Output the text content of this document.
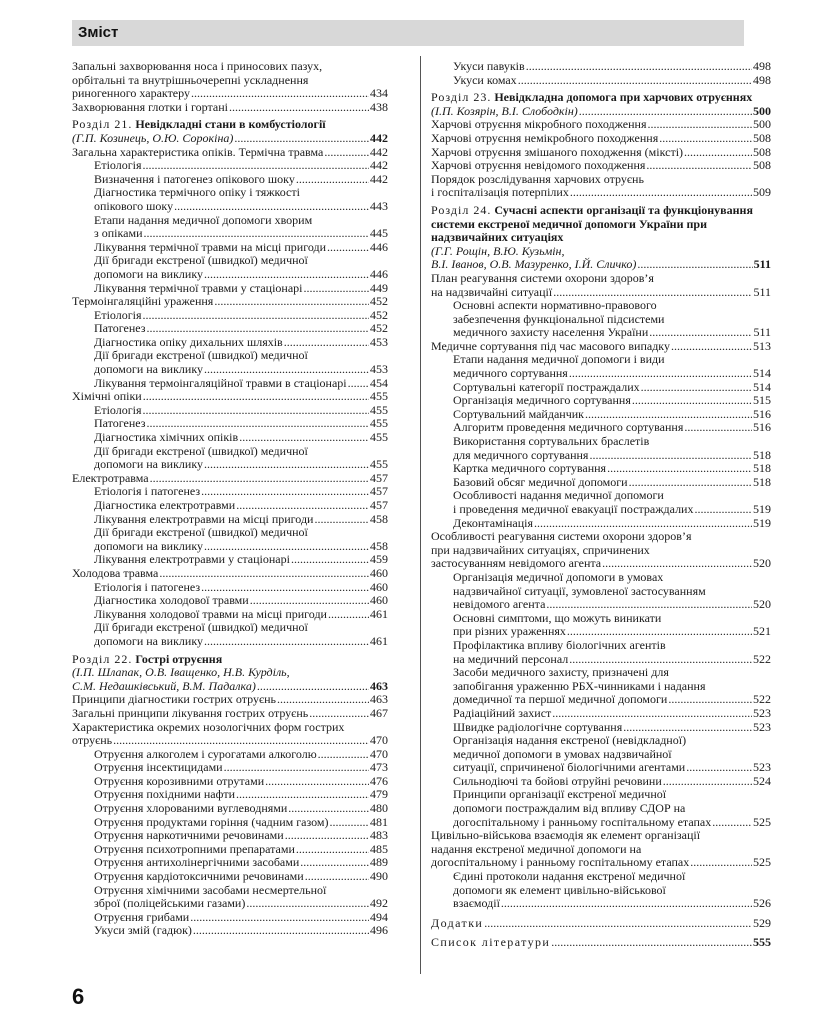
Зміст
Запальні захворювання носа і приносових пазух,
орбітальні та внутрішньочерепні ускладнення
риногенного характеру .....	434
Захворювання глотки і гортані .....	438
Розділ 21. Невідкладні стани в комбустіології
(Г.П. Козинець, О.Ю. Сорокіна) .....	442
Загальна характеристика опіків. Термічна травма .....	442
Етіологія .....	442
Визначення і патогенез опікового шоку .....	442
Діагностика термічного опіку і тяжкості
опікового шоку .....	443
Етапи надання медичної допомоги хворим
з опіками .....	445
Лікування термічної травми на місці пригоди .....	446
Дії бригади екстреної (швидкої) медичної
допомоги на виклику .....	446
Лікування термічної травми у стаціонарі .....	449
Термоінгаляційні ураження .....	452
Етіологія .....	452
Патогенез .....	452
Діагностика опіку дихальних шляхів .....	453
Дії бригади екстреної (швидкої) медичної
допомоги на виклику .....	453
Лікування термоінгаляційної травми в стаціонарі ..... 454
Хімічні опіки .....	455
Етіологія .....	455
Патогенез .....	455
Діагностика хімічних опіків .....	455
Дії бригади екстреної (швидкої) медичної
допомоги на виклику .....	455
Електротравма .....	457
Етіологія і патогенез .....	457
Діагностика електротравми .....	457
Лікування електротравми на місці пригоди .....	458
Дії бригади екстреної (швидкої) медичної
допомоги на виклику .....	458
Лікування електротравми у стаціонарі .....	459
Холодова травма .....	460
Етіологія і патогенез .....	460
Діагностика холодової травми .....	460
Лікування холодової травми на місці пригоди .....	461
Дії бригади екстреної (швидкої) медичної
допомоги на виклику .....	461
Розділ 22. Гострі отруєння
(І.П. Шлапак, О.В. Іващенко, Н.В. Курділь,
С.М. Недашківський, В.М. Падалка) .....	463
Принципи діагностики гострих отруєнь .....	463
Загальні принципи лікування гострих отруєнь .....	467
Характеристика окремих нозологічних форм гострих
отруєнь .....	470
Отруєння алкоголем і сурогатами алкоголю .....	470
Отруєння інсектицидами .....	473
Отруєння корозивними отрутами .....	476
Отруєння похідними нафти .....	479
Отруєння хлорованими вуглеводнями .....	480
Отруєння продуктами горіння (чадним газом) .....	481
Отруєння наркотичними речовинами .....	483
Отруєння психотропними препаратами .....	485
Отруєння антихолінергічними засобами .....	489
Отруєння кардіотоксичними речовинами .....	490
Отруєння хімічними засобами несмертельної
зброї (поліцейськими газами) .....	492
Отруєння грибами .....	494
Укуси змій (гадюк) .....	496
Укуси павуків .....	498
Укуси комах .....	498
Розділ 23. Невідкладна допомога при харчових отруєннях
(І.П. Козярін, В.І. Слободкін) .....	500
Харчові отруєння мікробного походження .....	500
Харчові отруєння немікробного походження .....	508
Харчові отруєння змішаного походження (мікстi) .....	508
Харчові отруєння невідомого походження .....	508
Порядок розслідування харчових отруєнь
і госпіталізація потерпілих .....	509
Розділ 24. Сучасні аспекти організації та функціонування системи екстреної медичної допомоги України при надзвичайних ситуаціях
(Г.Г. Рощін, В.Ю. Кузьмін,
В.І. Іванов, О.В. Мазуренко, І.Й. Сличко) .....	511
План реагування системи охорони здоров’я
на надзвичайні ситуації .....	511
Основні аспекти нормативно-правового
забезпечення функціональної підсистеми
медичного захисту населення України .....	511
Медичне сортування під час масового випадку .....	513
Етапи надання медичної допомоги і види
медичного сортування .....	514
Сортувальні категорії постраждалих .....	514
Організація медичного сортування .....	515
Сортувальний майданчик .....	516
Алгоритм проведення медичного сортування .....	516
Використання сортувальних браслетів
для медичного сортування .....	518
Картка медичного сортування .....	518
Базовий обсяг медичної допомоги .....	518
Особливості надання медичної допомоги
і проведення медичної евакуації постраждалих .....	519
Деконтамінація .....	519
Особливості реагування системи охорони здоров’я
при надзвичайних ситуаціях, спричинених
застосуванням невідомого агента .....	520
Організація медичної допомоги в умовах
надзвичайної ситуації, зумовленої застосуванням
невідомого агента .....	520
Основні симптоми, що можуть виникати
при різних ураженнях .....	521
Профілактика впливу біологічних агентів
на медичний персонал .....	522
Засоби медичного захисту, призначені для
запобігання ураженню РБХ-чинниками і надання
домедичної та першої медичної допомоги .....	522
Радіаційний захист .....	523
Швидке радіологічне сортування .....	523
Організація надання екстреної (невідкладної)
медичної допомоги в умовах надзвичайної
ситуації, спричиненої біологічними агентами .....	523
Сильнодіючі та бойові отруйні речовини .....	524
Принципи організації екстреної медичної
допомоги постраждалим від впливу СДОР на
догоспітальному і ранньому госпітальному етапах .....	525
Цивільно-військова взаємодія як елемент організації
надання екстреної медичної допомоги на
догоспітальному і ранньому госпітальному етапах .....	525
Єдині протоколи надання екстреної медичної
допомоги як елемент цивільно-військової
взаємодії .....	526
Додатки .....	529
Список літератури .....	555
6
